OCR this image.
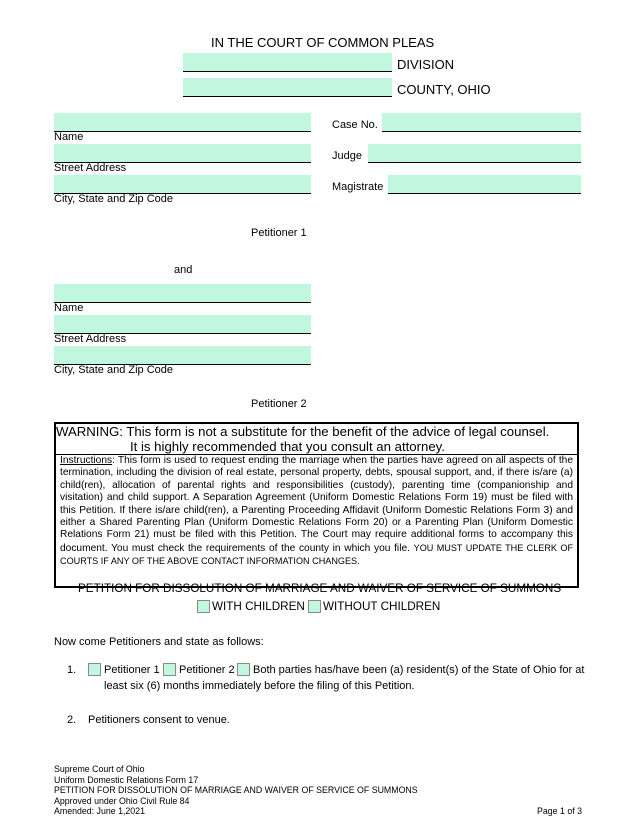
IN THE COURT OF COMMON PLEAS
DIVISION
COUNTY, OHIO
Name
Street Address
City, State and Zip Code
Petitioner 1
Case No.
Judge
Magistrate
and
Name
Street Address
City, State and Zip Code
Petitioner 2
WARNING: This form is not a substitute for the benefit of the advice of legal counsel.
It is highly recommended that you consult an attorney.
Instructions: This form is used to request ending the marriage when the parties have agreed on all aspects of the termination, including the division of real estate, personal property, debts, spousal support, and, if there is/are (a) child(ren), allocation of parental rights and responsibilities (custody), parenting time (companionship and visitation) and child support. A Separation Agreement (Uniform Domestic Relations Form 19) must be filed with this Petition. If there is/are child(ren), a Parenting Proceeding Affidavit (Uniform Domestic Relations Form 3) and either a Shared Parenting Plan (Uniform Domestic Relations Form 20) or a Parenting Plan (Uniform Domestic Relations Form 21) must be filed with this Petition. The Court may require additional forms to accompany this document. You must check the requirements of the county in which you file. YOU MUST UPDATE THE CLERK OF COURTS IF ANY OF THE ABOVE CONTACT INFORMATION CHANGES.
PETITION FOR DISSOLUTION OF MARRIAGE AND WAIVER OF SERVICE OF SUMMONS
WITH CHILDREN WITHOUT CHILDREN
Now come Petitioners and state as follows:
1.	Petitioner 1 Petitioner 2 Both parties has/have been (a) resident(s) of the State of Ohio for at
least six (6) months immediately before the filing of this Petition.
2. Petitioners consent to venue.
Supreme Court of Ohio
Uniform Domestic Relations Form 17
PETITION FOR DISSOLUTION OF MARRIAGE AND WAIVER OF SERVICE OF SUMMONS
Approved under Ohio Civil Rule 84
Amended: June 1,2021	Page 1 of 3
